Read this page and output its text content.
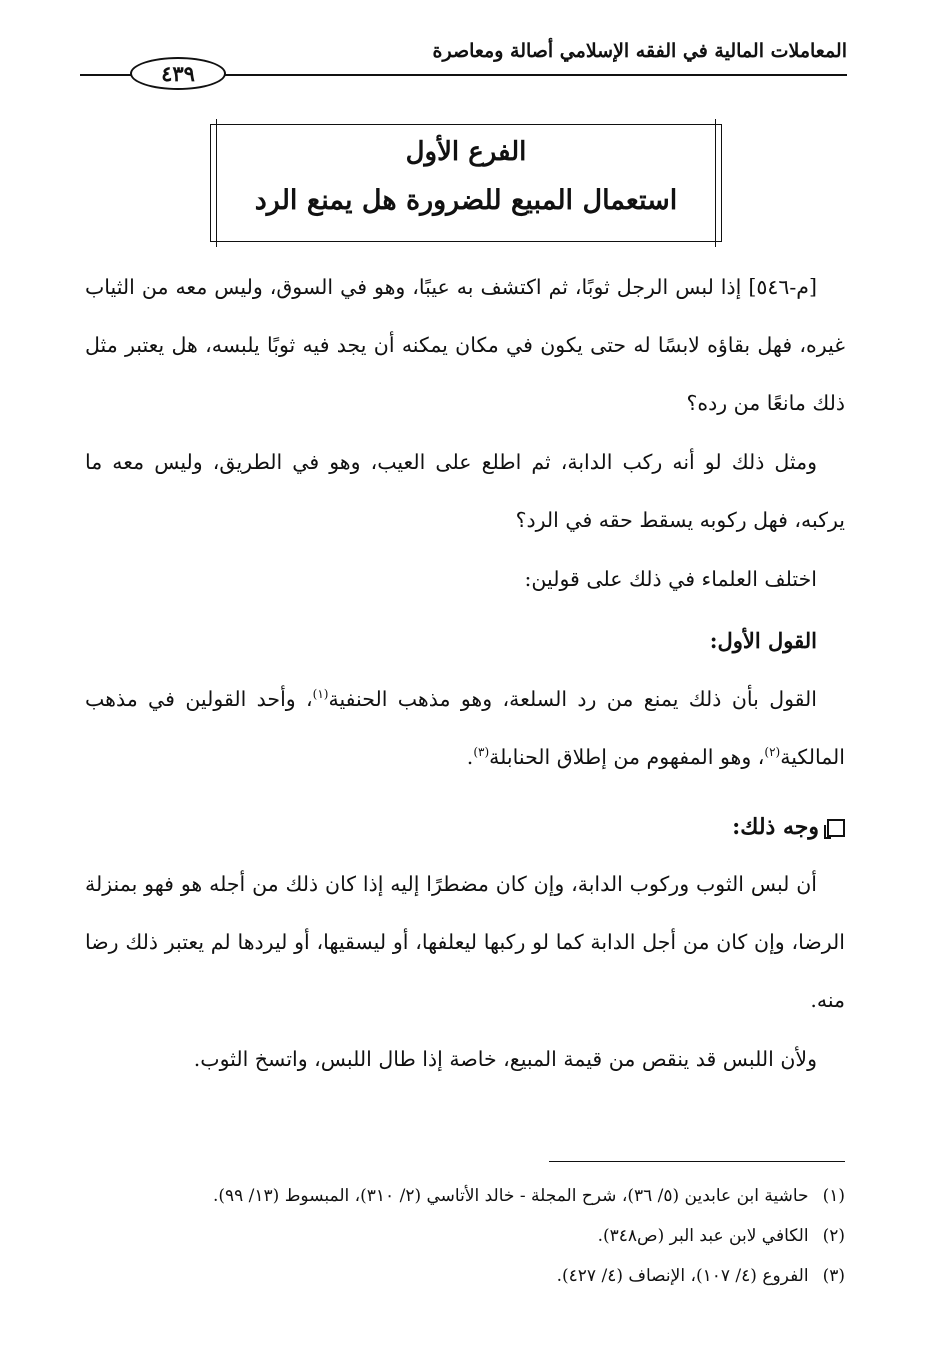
المعاملات المالية في الفقه الإسلامي أصالة ومعاصرة
٤٣٩
الفرع الأول
استعمال المبيع للضرورة هل يمنع الرد
[م-٥٤٦] إذا لبس الرجل ثوبًا، ثم اكتشف به عيبًا، وهو في السوق، وليس معه من الثياب غيره، فهل بقاؤه لابسًا له حتى يكون في مكان يمكنه أن يجد فيه ثوبًا يلبسه، هل يعتبر مثل ذلك مانعًا من رده؟
ومثل ذلك لو أنه ركب الدابة، ثم اطلع على العيب، وهو في الطريق، وليس معه ما يركبه، فهل ركوبه يسقط حقه في الرد؟
اختلف العلماء في ذلك على قولين:
القول الأول:
القول بأن ذلك يمنع من رد السلعة، وهو مذهب الحنفية$^{(١)}$، وأحد القولين في مذهب المالكية$^{(٢)}$، وهو المفهوم من إطلاق الحنابلة$^{(٣)}$.
وجه ذلك:
أن لبس الثوب وركوب الدابة، وإن كان مضطرًا إليه إذا كان ذلك من أجله هو فهو بمنزلة الرضا، وإن كان من أجل الدابة كما لو ركبها ليعلفها، أو ليسقيها، أو ليردها لم يعتبر ذلك رضا منه.
ولأن اللبس قد ينقص من قيمة المبيع، خاصة إذا طال اللبس، واتسخ الثوب.
(١)حاشية ابن عابدين (٥/ ٣٦)، شرح المجلة - خالد الأتاسي (٢/ ٣١٠)، المبسوط (١٣/ ٩٩).
(٢)الكافي لابن عبد البر (ص٣٤٨).
(٣)الفروع (٤/ ١٠٧)، الإنصاف (٤/ ٤٢٧).
